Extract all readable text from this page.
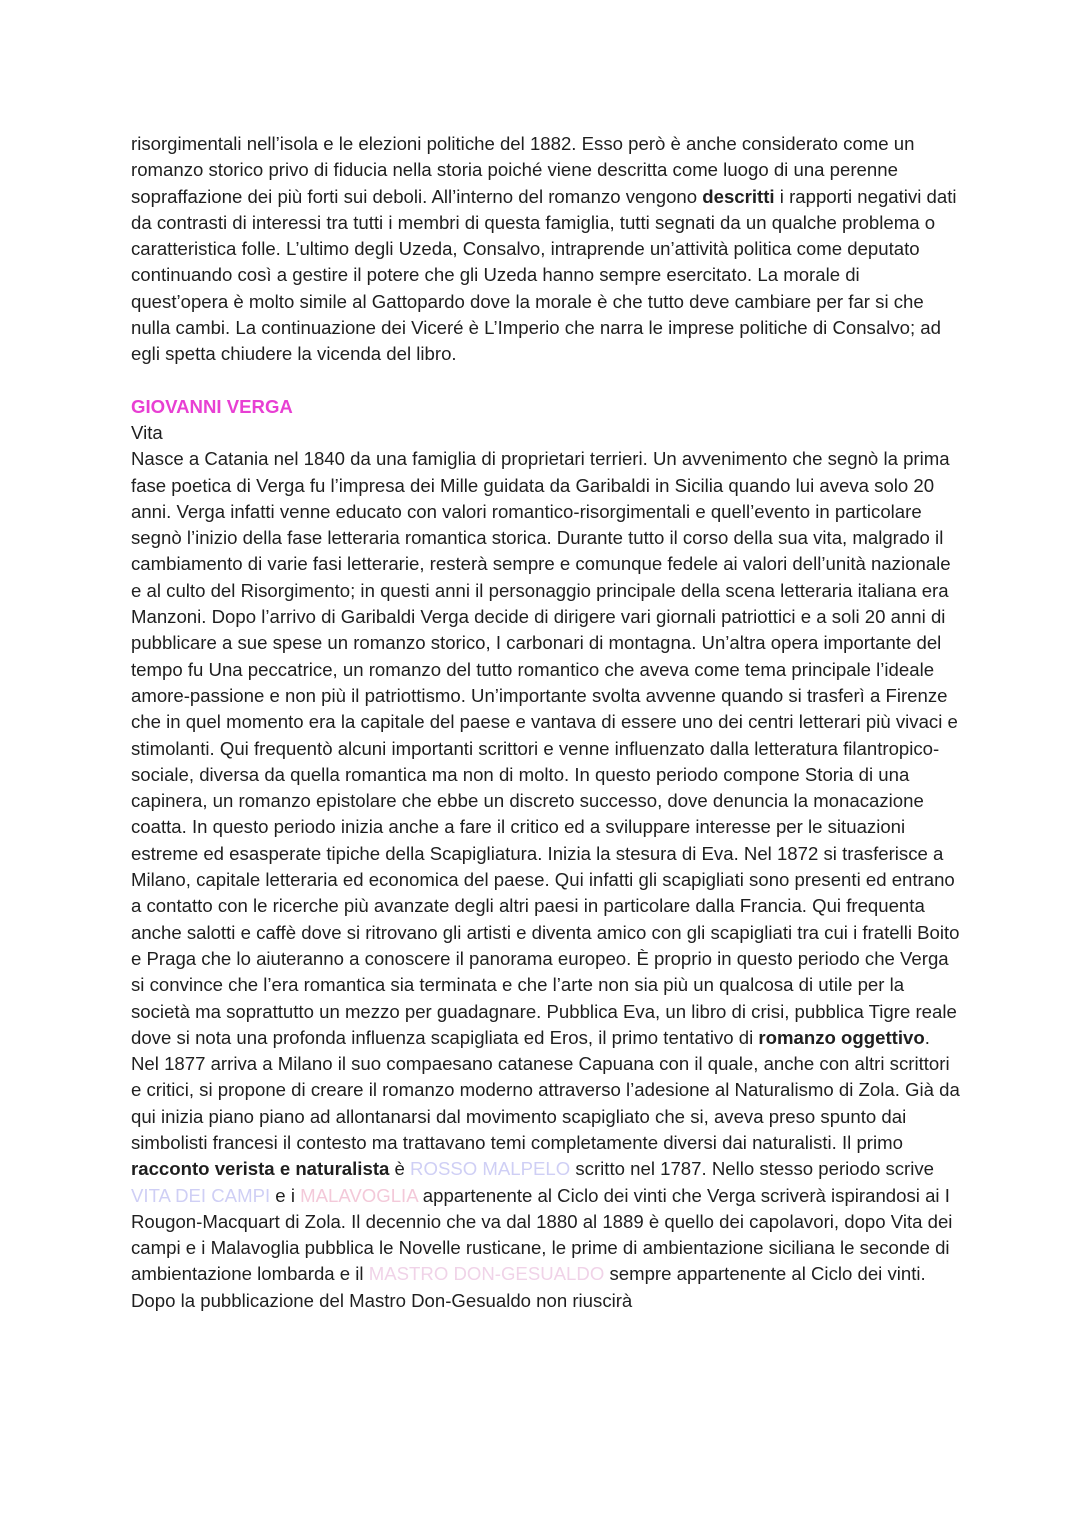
risorgimentali nell’isola e le elezioni politiche del 1882. Esso però è anche considerato come un romanzo storico privo di fiducia nella storia poiché viene descritta come luogo di una perenne sopraffazione dei più forti sui deboli. All’interno del romanzo vengono descritti i rapporti negativi dati da contrasti di interessi tra tutti i membri di questa famiglia, tutti segnati da un qualche problema o caratteristica folle. L’ultimo degli Uzeda, Consalvo, intraprende un’attività politica come deputato continuando così a gestire il potere che gli Uzeda hanno sempre esercitato. La morale di quest’opera è molto simile al Gattopardo dove la morale è che tutto deve cambiare per far si che nulla cambi. La continuazione dei Viceré è L’Imperio che narra le imprese politiche di Consalvo; ad egli spetta chiudere la vicenda del libro.

GIOVANNI VERGA

Vita

Nasce a Catania nel 1840 da una famiglia di proprietari terrieri. Un avvenimento che segnò la prima fase poetica di Verga fu l’impresa dei Mille guidata da Garibaldi in Sicilia quando lui aveva solo 20 anni. Verga infatti venne educato con valori romantico-risorgimentali e quell’evento in particolare segnò l’inizio della fase letteraria romantica storica. Durante tutto il corso della sua vita, malgrado il cambiamento di varie fasi letterarie, resterà sempre e comunque fedele ai valori dell’unità nazionale e al culto del Risorgimento; in questi anni il personaggio principale della scena letteraria italiana era Manzoni. Dopo l’arrivo di Garibaldi Verga decide di dirigere vari giornali patriottici e a soli 20 anni di pubblicare a sue spese un romanzo storico, I carbonari di montagna. Un’altra opera importante del tempo fu Una peccatrice, un romanzo del tutto romantico che aveva come tema principale l’ideale amore-passione e non più il patriottismo. Un’importante svolta avvenne quando si trasferì a Firenze che in quel momento era la capitale del paese e vantava di essere uno dei centri letterari più vivaci e stimolanti. Qui frequentò alcuni importanti scrittori e venne influenzato dalla letteratura filantropico-sociale, diversa da quella romantica ma non di molto. In questo periodo compone Storia di una capinera, un romanzo epistolare che ebbe un discreto successo, dove denuncia la monacazione coatta. In questo periodo inizia anche a fare il critico ed a sviluppare interesse per le situazioni estreme ed esasperate tipiche della Scapigliatura. Inizia la stesura di Eva. Nel 1872 si trasferisce a Milano, capitale letteraria ed economica del paese. Qui infatti gli scapigliati sono presenti ed entrano a contatto con le ricerche più avanzate degli altri paesi in particolare dalla Francia. Qui frequenta anche salotti e caffè dove si ritrovano gli artisti e diventa amico con gli scapigliati tra cui i fratelli Boito e Praga che lo aiuteranno a conoscere il panorama europeo. È proprio in questo periodo che Verga si convince che l’era romantica sia terminata e che l’arte non sia più un qualcosa di utile per la società ma soprattutto un mezzo per guadagnare. Pubblica Eva, un libro di crisi, pubblica Tigre reale dove si nota una profonda influenza scapigliata ed Eros, il primo tentativo di romanzo oggettivo. Nel 1877 arriva a Milano il suo compaesano catanese Capuana con il quale, anche con altri scrittori e critici, si propone di creare il romanzo moderno attraverso l’adesione al Naturalismo di Zola. Già da qui inizia piano piano ad allontanarsi dal movimento scapigliato che si, aveva preso spunto dai simbolisti francesi il contesto ma trattavano temi completamente diversi dai naturalisti. Il primo racconto verista e naturalista è ROSSO MALPELO scritto nel 1787. Nello stesso periodo scrive VITA DEI CAMPI e i MALAVOGLIA appartenente al Ciclo dei vinti che Verga scriverà ispirandosi ai I Rougon-Macquart di Zola. Il decennio che va dal 1880 al 1889 è quello dei capolavori, dopo Vita dei campi e i Malavoglia pubblica le Novelle rusticane, le prime di ambientazione siciliana le seconde di ambientazione lombarda e il MASTRO DON-GESUALDO sempre appartenente al Ciclo dei vinti. Dopo la pubblicazione del Mastro Don-Gesualdo non riuscirà
